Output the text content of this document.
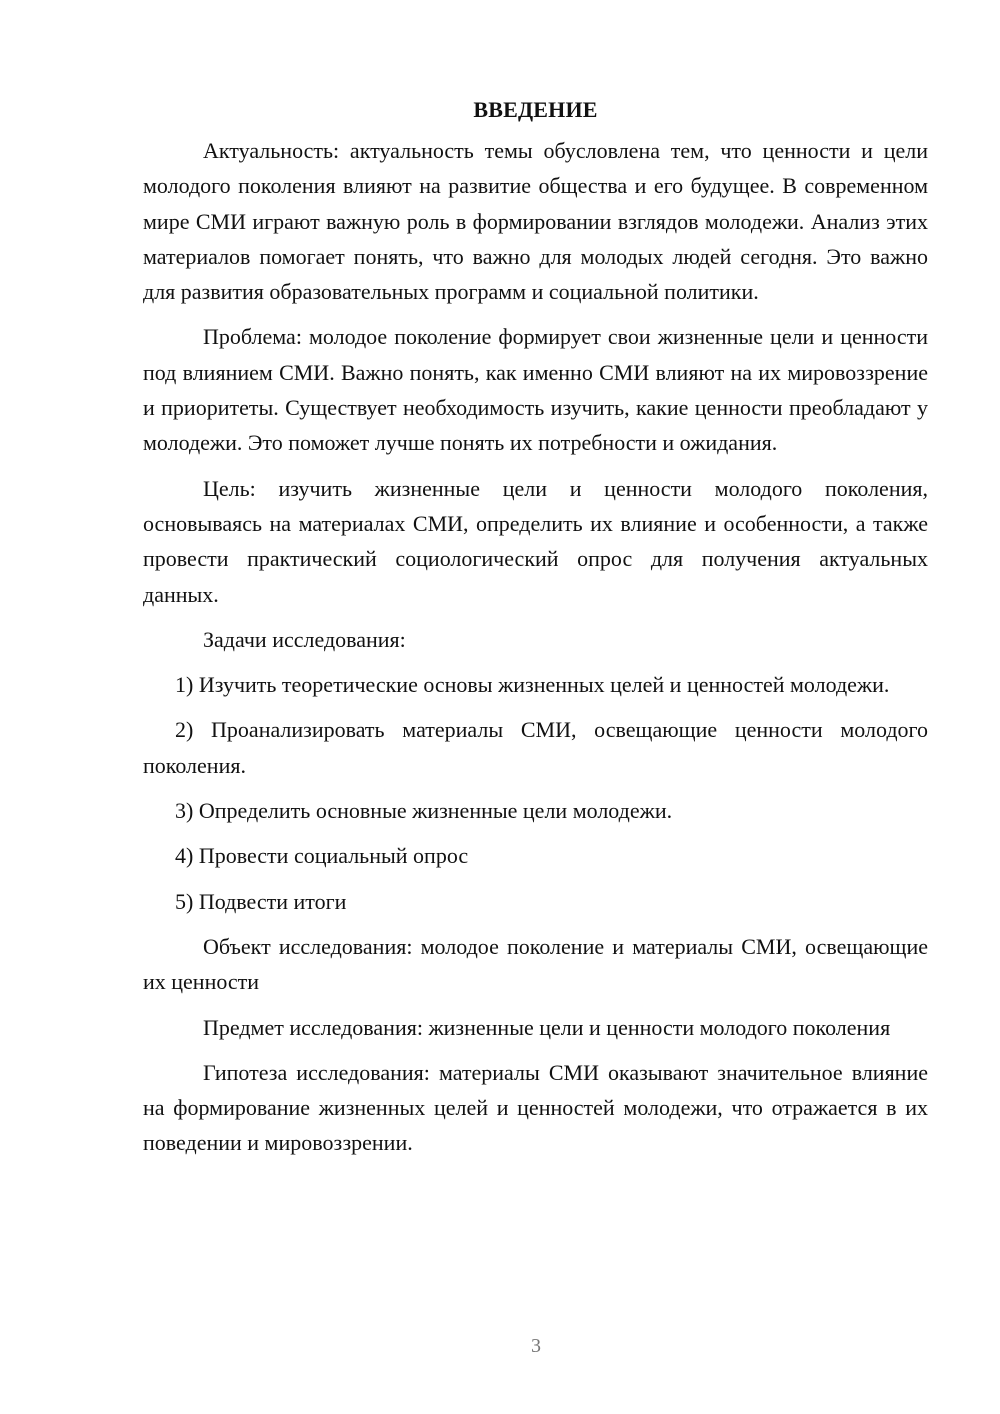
ВВЕДЕНИЕ

Актуальность: актуальность темы обусловлена тем, что ценности и цели молодого поколения влияют на развитие общества и его будущее. В современном мире СМИ играют важную роль в формировании взглядов молодежи. Анализ этих материалов помогает понять, что важно для молодых людей сегодня. Это важно для развития образовательных программ и социальной политики.

Проблема: молодое поколение формирует свои жизненные цели и ценности под влиянием СМИ. Важно понять, как именно СМИ влияют на их мировоззрение и приоритеты. Существует необходимость изучить, какие ценности преобладают у молодежи. Это поможет лучше понять их потребности и ожидания.

Цель: изучить жизненные цели и ценности молодого поколения, основываясь на материалах СМИ, определить их влияние и особенности, а также провести практический социологический опрос для получения актуальных данных.

Задачи исследования:

1) Изучить теоретические основы жизненных целей и ценностей молодежи.

2) Проанализировать материалы СМИ, освещающие ценности молодого поколения.

3) Определить основные жизненные цели молодежи.

4) Провести социальный опрос

5) Подвести итоги

Объект исследования: молодое поколение и материалы СМИ, освещающие их ценности

Предмет исследования: жизненные цели и ценности молодого поколения

Гипотеза исследования: материалы СМИ оказывают значительное влияние на формирование жизненных целей и ценностей молодежи, что отражается в их поведении и мировоззрении.

3
